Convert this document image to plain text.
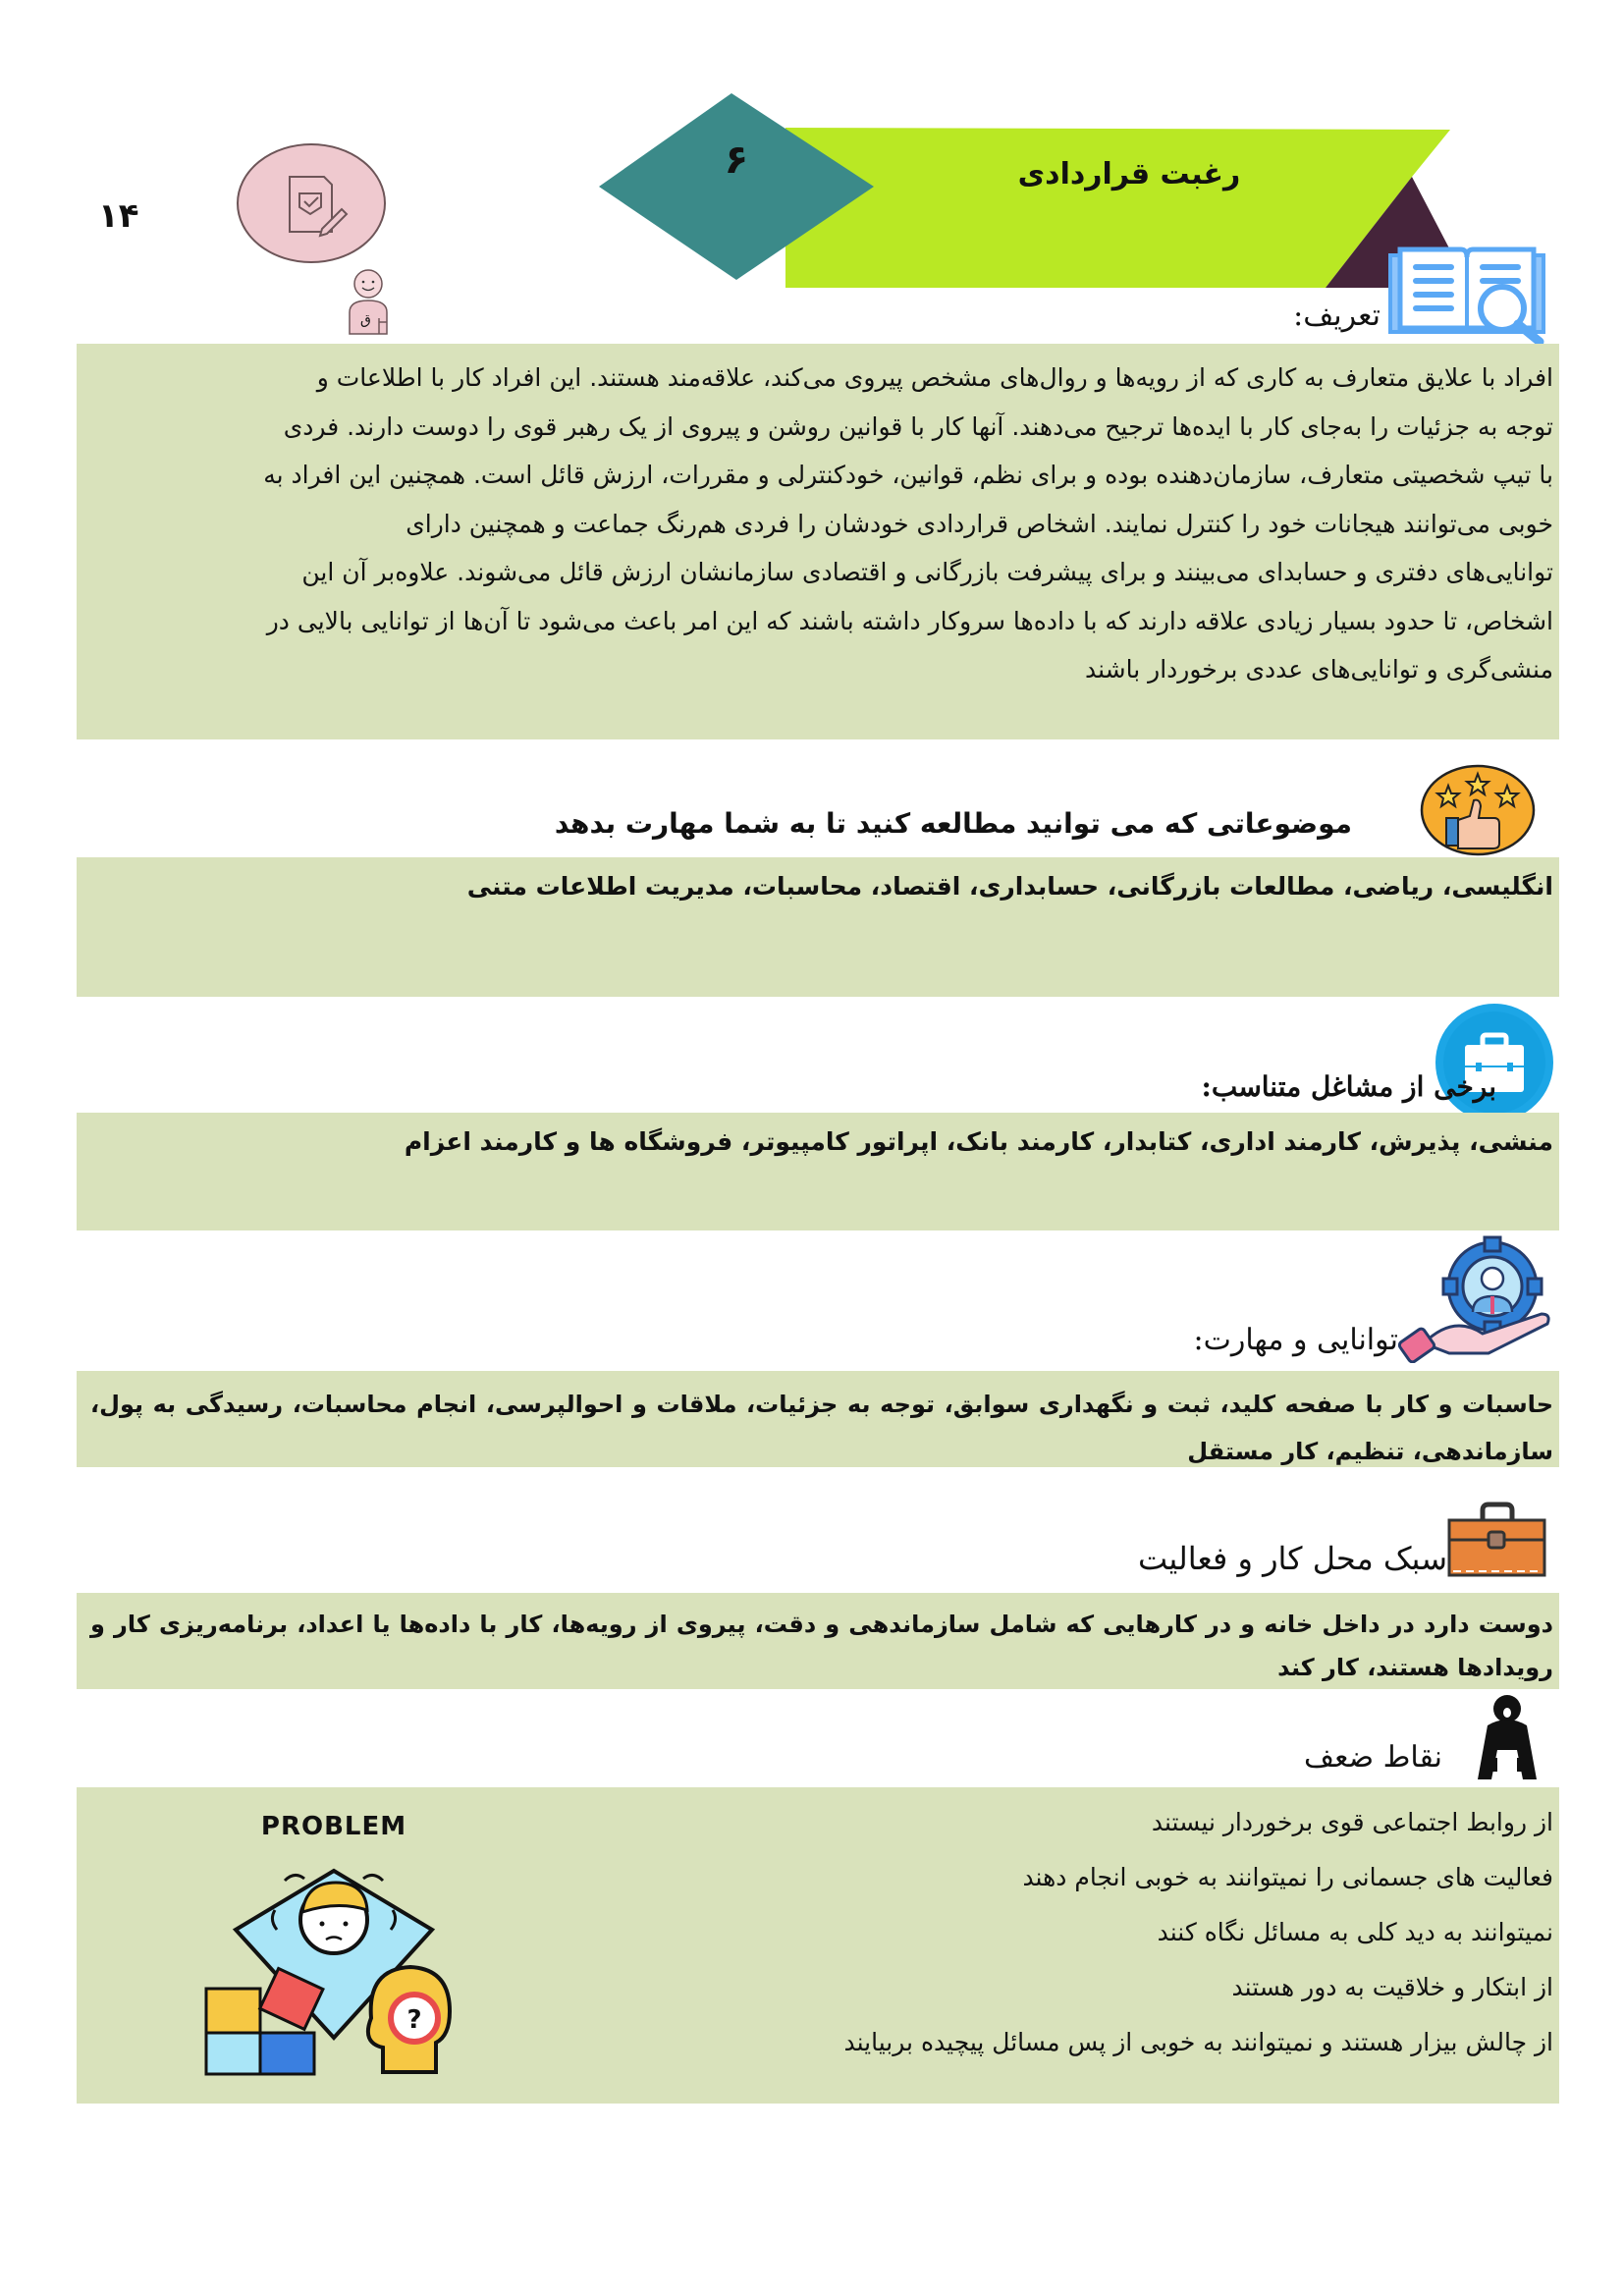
۱۴
ق
۶	رغبت قراردادی
تعریف:

افراد با علایق متعارف به کاری که از رویه‌ها و روال‌های مشخص پیروی می‌کند، علاقه‌مند هستند. این افراد کار با اطلاعات و

توجه به جزئیات را به‌جای کار با ایده‌ها ترجیح می‌دهند. آنها کار با قوانین روشن و پیروی از یک رهبر قوی را دوست دارند. فردی

با تیپ شخصیتی متعارف، سازمان‌دهنده بوده و برای نظم، قوانین، خودکنترلی و مقررات، ارزش قائل است. همچنین این افراد به

خوبی می‌توانند هیجانات خود را کنترل نمایند. اشخاص قراردادی خودشان را فردی هم‌رنگ جماعت و همچنین دارای

توانایی‌های دفتری و حسابدای می‌بینند و برای پیشرفت بازرگانی و اقتصادی سازمانشان ارزش قائل می‌شوند. علاوه‌بر آن این

اشخاص، تا حدود بسیار زیادی علاقه دارند که با داده‌ها سروکار داشته باشند که این امر باعث می‌شود تا آن‌ها از توانایی بالایی در

منشی‌گری و توانایی‌های عددی برخوردار باشند

موضوعاتی که می توانید مطالعه کنید تا به شما مهارت بدهد

انگلیسی، ریاضی، مطالعات بازرگانی، حسابداری، اقتصاد، محاسبات، مدیریت اطلاعات متنی

برخی از مشاغل متناسب:

منشی، پذیرش، کارمند اداری، کتابدار، کارمند بانک، اپراتور کامپیوتر، فروشگاه ها و کارمند اعزام

توانایی و مهارت:

حاسبات و کار با صفحه کلید، ثبت و نگهداری سوابق، توجه به جزئیات، ملاقات و احوالپرسی، انجام محاسبات، رسیدگی به پول،

سازماندهی، تنظیم، کار مستقل

سبک محل کار و فعالیت

دوست دارد در داخل خانه و در کارهایی که شامل سازماندهی و دقت، پیروی از رویه‌ها، کار با داده‌ها یا اعداد، برنامه‌ریزی کار و

رویدادها هستند، کار کند

نقاط ضعف
از روابط اجتماعی قوی برخوردار نیستند
فعالیت های جسمانی را نمیتوانند به خوبی انجام دهند
نمیتوانند به دید کلی به مسائل نگاه کنند
از ابتکار و خلاقیت به دور هستند
از چالش بیزار هستند و نمیتوانند به خوبی از پس مسائل پیچیده بربیایند
PROBLEM
?
